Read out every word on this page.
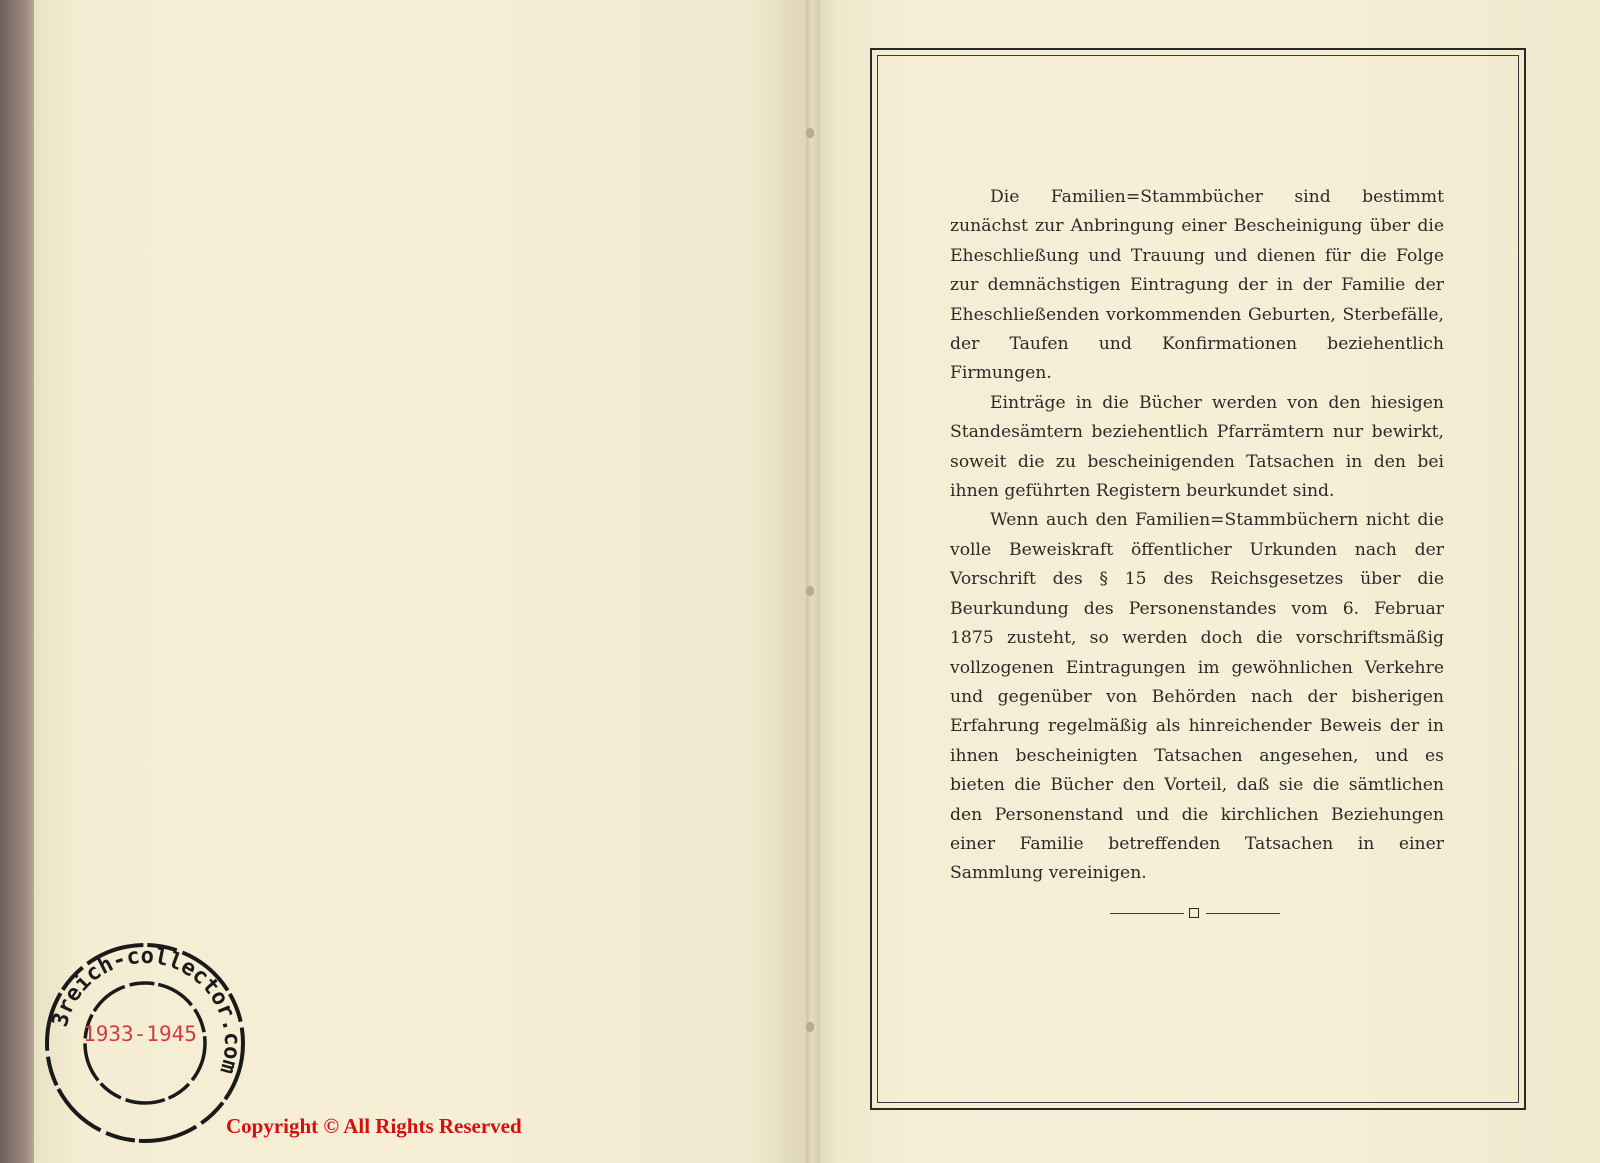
Die Familien=Stammbücher sind bestimmt zunächst zur Anbringung einer Bescheinigung über die Eheschließung und Trauung und dienen für die Folge zur demnächstigen Eintragung der in der Familie der Eheschließenden vorkommenden Geburten, Sterbefälle, der Taufen und Konfirmationen beziehentlich Firmungen.

Einträge in die Bücher werden von den hiesigen Standesämtern beziehentlich Pfarrämtern nur bewirkt, soweit die zu bescheinigenden Tatsachen in den bei ihnen geführten Registern beurkundet sind.

Wenn auch den Familien=Stammbüchern nicht die volle Beweiskraft öffentlicher Urkunden nach der Vorschrift des § 15 des Reichsgesetzes über die Beurkundung des Personenstandes vom 6. Februar 1875 zusteht, so werden doch die vorschriftsmäßig vollzogenen Eintragungen im gewöhnlichen Verkehre und gegenüber von Behörden nach der bisherigen Erfahrung regelmäßig als hinreichender Beweis der in ihnen bescheinigten Tatsachen angesehen, und es bieten die Bücher den Vorteil, daß sie die sämtlichen den Personenstand und die kirchlichen Beziehungen einer Familie betreffenden Tatsachen in einer Sammlung vereinigen.

3reich-collector.com
1933-1945
Copyright © All Rights Reserved
